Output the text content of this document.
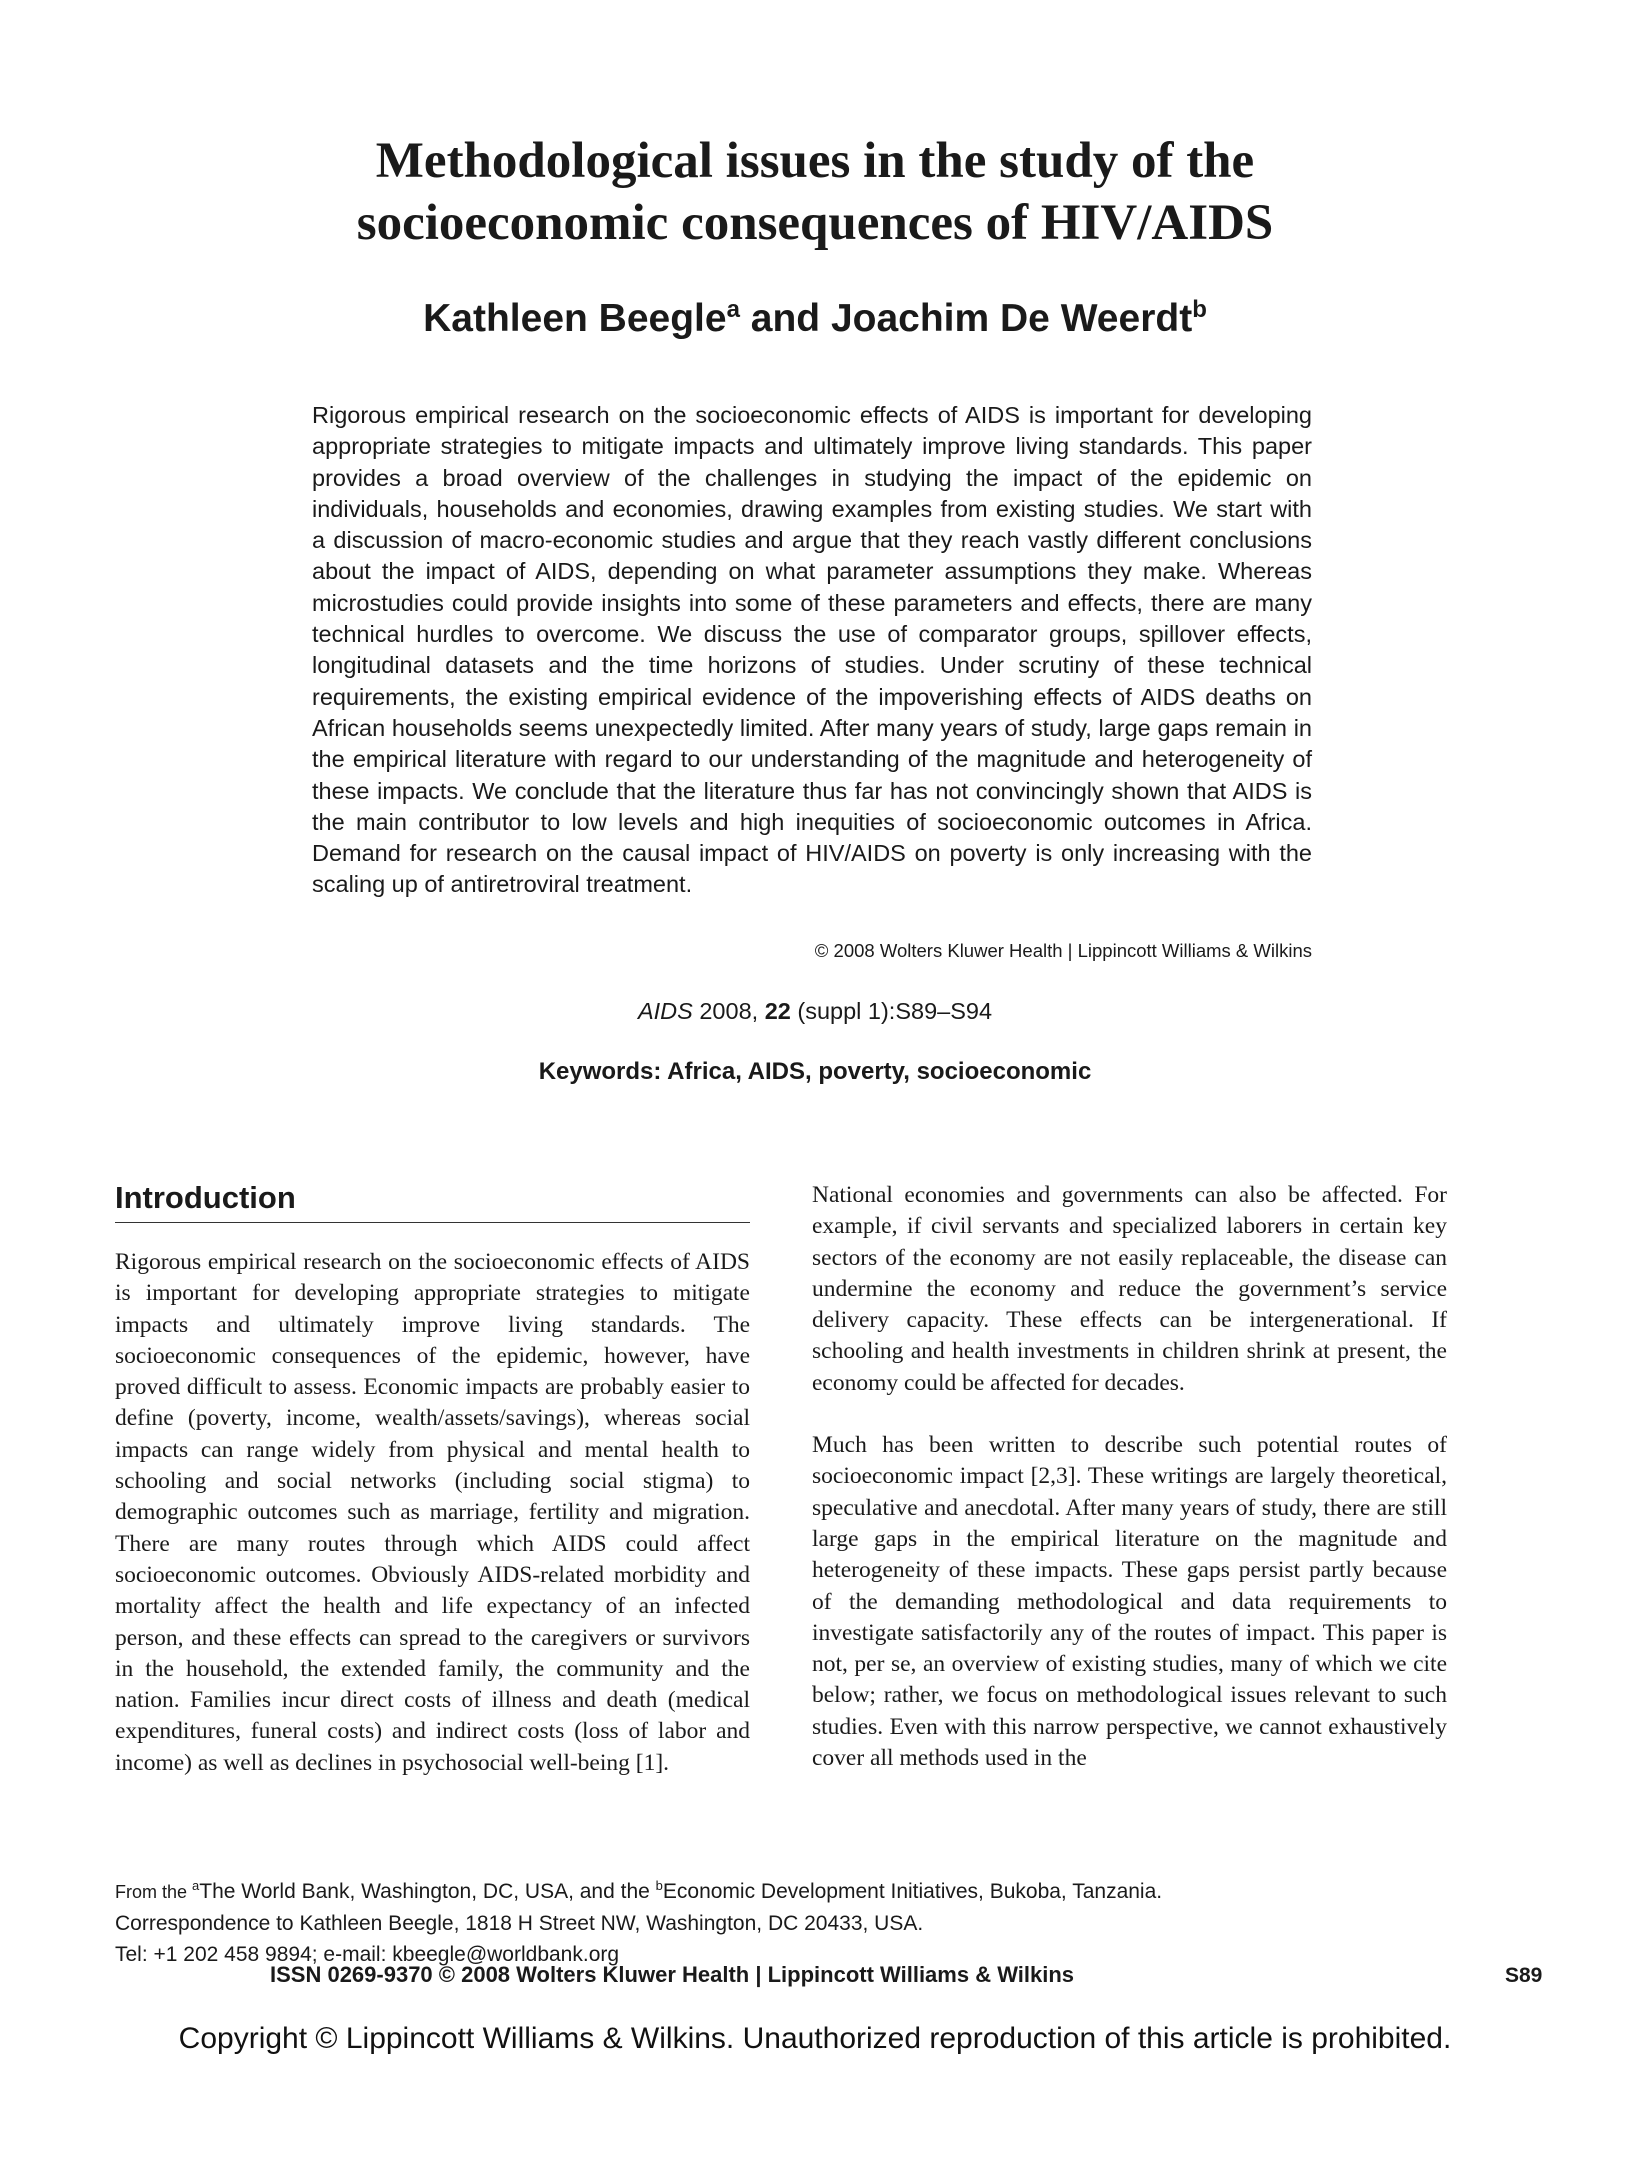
Methodological issues in the study of the
socioeconomic consequences of HIV/AIDS
Kathleen Beegle$^a$ and Joachim De Weerdt$^b$
Rigorous empirical research on the socioeconomic effects of AIDS is important for developing appropriate strategies to mitigate impacts and ultimately improve living standards. This paper provides a broad overview of the challenges in studying the impact of the epidemic on individuals, households and economies, drawing examples from existing studies. We start with a discussion of macro-economic studies and argue that they reach vastly different conclusions about the impact of AIDS, depending on what parameter assumptions they make. Whereas microstudies could provide insights into some of these parameters and effects, there are many technical hurdles to overcome. We discuss the use of comparator groups, spillover effects, longitudinal datasets and the time horizons of studies. Under scrutiny of these technical requirements, the existing empirical evidence of the impoverishing effects of AIDS deaths on African households seems unexpectedly limited. After many years of study, large gaps remain in the empirical literature with regard to our understanding of the magnitude and heterogeneity of these impacts. We conclude that the literature thus far has not convincingly shown that AIDS is the main contributor to low levels and high inequities of socioeconomic outcomes in Africa. Demand for research on the causal impact of HIV/AIDS on poverty is only increasing with the scaling up of antiretroviral treatment.
© 2008 Wolters Kluwer Health | Lippincott Williams & Wilkins
AIDS 2008, 22 (suppl 1):S89–S94
Keywords: Africa, AIDS, poverty, socioeconomic
Introduction

Rigorous empirical research on the socioeconomic effects of AIDS is important for developing appropriate strategies to mitigate impacts and ultimately improve living standards. The socioeconomic consequences of the epidemic, however, have proved difficult to assess. Economic impacts are probably easier to define (poverty, income, wealth/assets/savings), whereas social impacts can range widely from physical and mental health to schooling and social networks (including social stigma) to demographic outcomes such as marriage, fertility and migration. There are many routes through which AIDS could affect socioeconomic outcomes. Obviously AIDS-related morbidity and mortality affect the health and life expectancy of an infected person, and these effects can spread to the caregivers or survivors in the household, the extended family, the community and the nation. Families incur direct costs of illness and death (medical expenditures, funeral costs) and indirect costs (loss of labor and income) as well as declines in psychosocial well-being [1].

National economies and governments can also be affected. For example, if civil servants and specialized laborers in certain key sectors of the economy are not easily replaceable, the disease can undermine the economy and reduce the government’s service delivery capacity. These effects can be intergenerational. If schooling and health investments in children shrink at present, the economy could be affected for decades.

Much has been written to describe such potential routes of socioeconomic impact [2,3]. These writings are largely theoretical, speculative and anecdotal. After many years of study, there are still large gaps in the empirical literature on the magnitude and heterogeneity of these impacts. These gaps persist partly because of the demanding methodological and data requirements to investigate satisfactorily any of the routes of impact. This paper is not, per se, an overview of existing studies, many of which we cite below; rather, we focus on methodological issues relevant to such studies. Even with this narrow perspective, we cannot exhaustively cover all methods used in the

From the $^a$The World Bank, Washington, DC, USA, and the $^b$Economic Development Initiatives, Bukoba, Tanzania.
Correspondence to Kathleen Beegle, 1818 H Street NW, Washington, DC 20433, USA.
Tel: +1 202 458 9894; e-mail: kbeegle@worldbank.org
ISSN 0269-9370 © 2008 Wolters Kluwer Health | Lippincott Williams & Wilkins	S89
Copyright © Lippincott Williams & Wilkins. Unauthorized reproduction of this article is prohibited.
